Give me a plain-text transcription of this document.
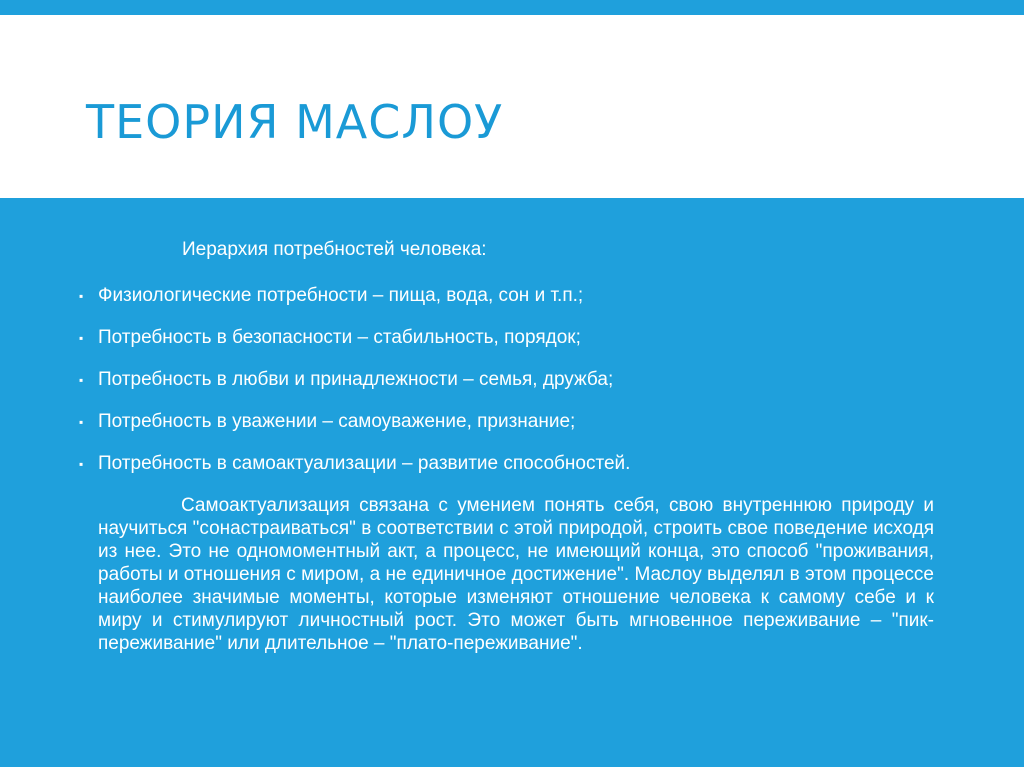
ТЕОРИЯ МАСЛОУ

Иерархия потребностей человека:

▪ Физиологические потребности – пища, вода, сон и т.п.;
▪ Потребность в безопасности – стабильность, порядок;
▪ Потребность в любви и принадлежности – семья, дружба;
▪ Потребность в уважении – самоуважение, признание;
▪ Потребность в самоактуализации – развитие способностей.

Самоактуализация связана с умением понять себя, свою внутреннюю природу и научиться "сонастраиваться" в соответствии с этой природой, строить свое поведение исходя из нее. Это не одномоментный акт, а процесс, не имеющий конца, это способ "проживания, работы и отношения с миром, а не единичное достижение". Маслоу выделял в этом процессе наиболее значимые моменты, которые изменяют отношение человека к самому себе и к миру и стимулируют личностный рост. Это может быть мгновенное переживание – "пик-переживание" или длительное – "плато-переживание".
